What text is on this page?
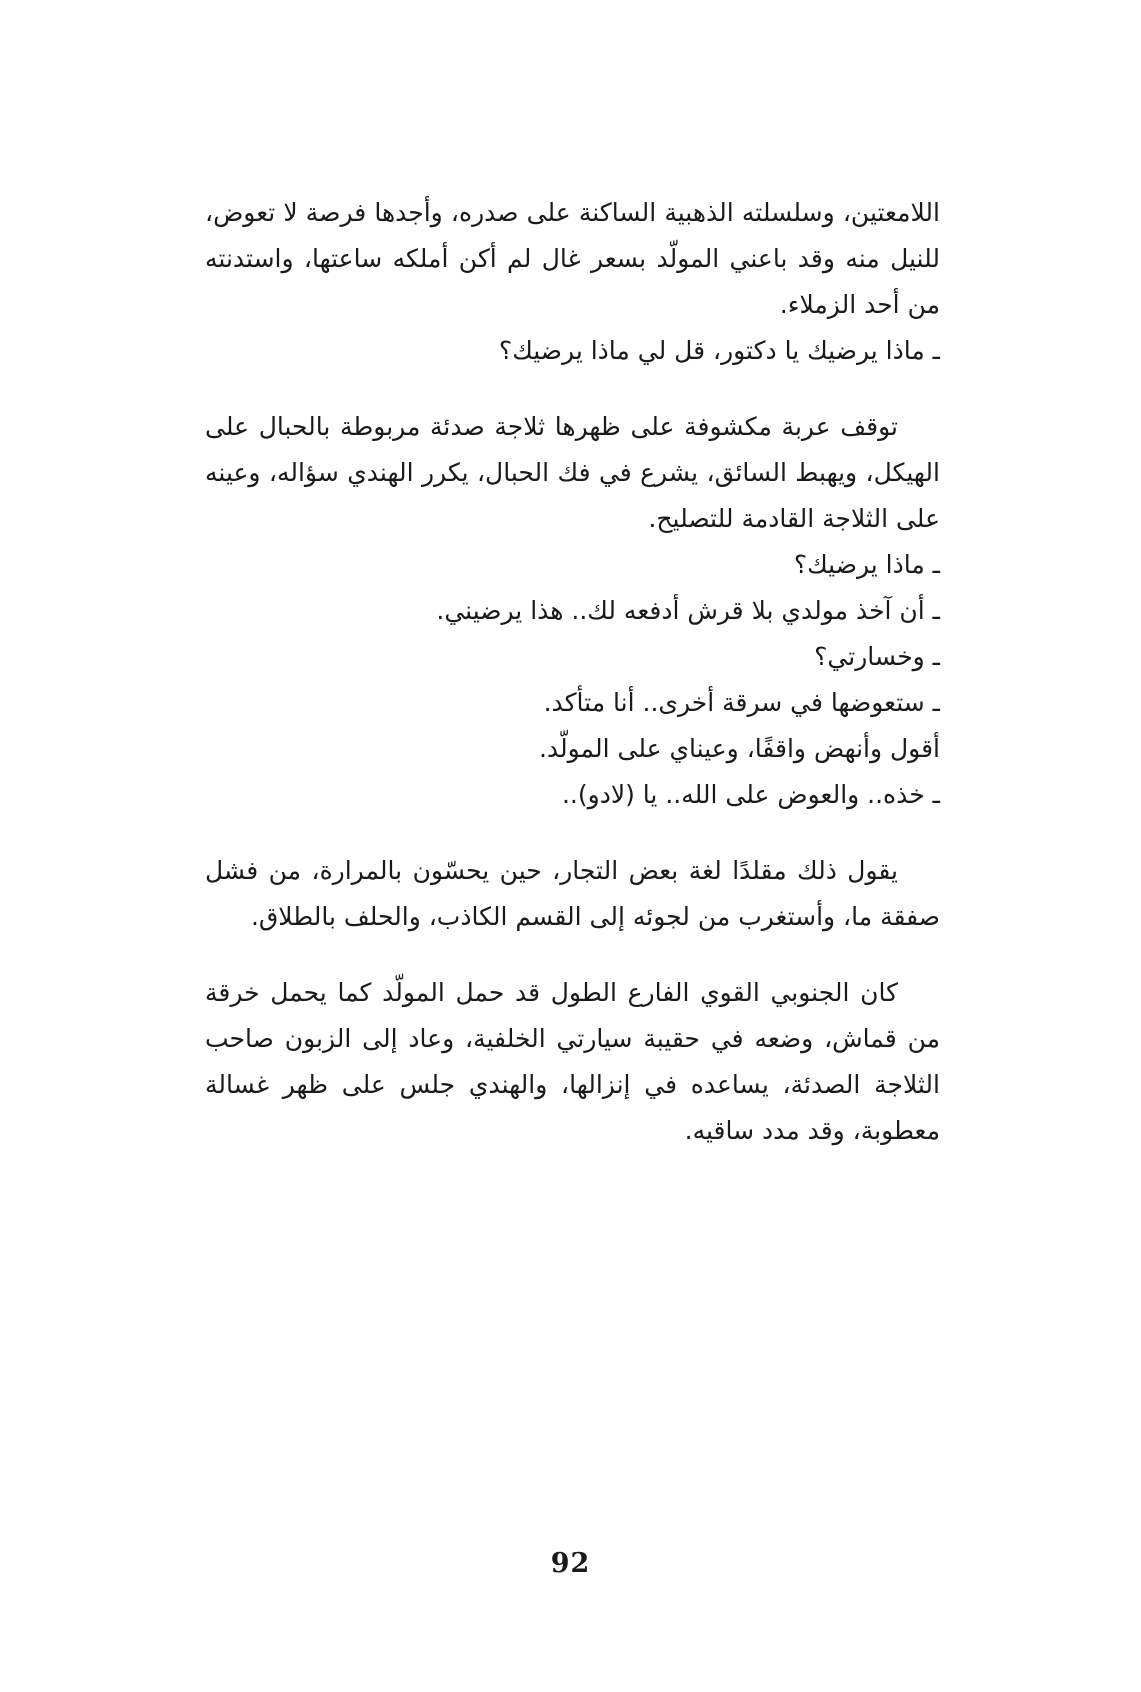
اللامعتين، وسلسلته الذهبية الساكنة على صدره، وأجدها فرصة لا تعوض، للنيل منه وقد باعني المولّد بسعر غال لم أكن أملكه ساعتها، واستدنته من أحد الزملاء.

ـ ماذا يرضيك يا دكتور، قل لي ماذا يرضيك؟

توقف عربة مكشوفة على ظهرها ثلاجة صدئة مربوطة بالحبال على الهيكل، ويهبط السائق، يشرع في فك الحبال، يكرر الهندي سؤاله، وعينه على الثلاجة القادمة للتصليح.

ـ ماذا يرضيك؟

ـ أن آخذ مولدي بلا قرش أدفعه لك.. هذا يرضيني.

ـ وخسارتي؟

ـ ستعوضها في سرقة أخرى.. أنا متأكد.

أقول وأنهض واقفًا، وعيناي على المولّد.

ـ خذه.. والعوض على الله.. يا (لادو)..

يقول ذلك مقلدًا لغة بعض التجار، حين يحسّون بالمرارة، من فشل صفقة ما، وأستغرب من لجوئه إلى القسم الكاذب، والحلف بالطلاق.

كان الجنوبي القوي الفارع الطول قد حمل المولّد كما يحمل خرقة من قماش، وضعه في حقيبة سيارتي الخلفية، وعاد إلى الزبون صاحب الثلاجة الصدئة، يساعده في إنزالها، والهندي جلس على ظهر غسالة معطوبة، وقد مدد ساقيه.

92
